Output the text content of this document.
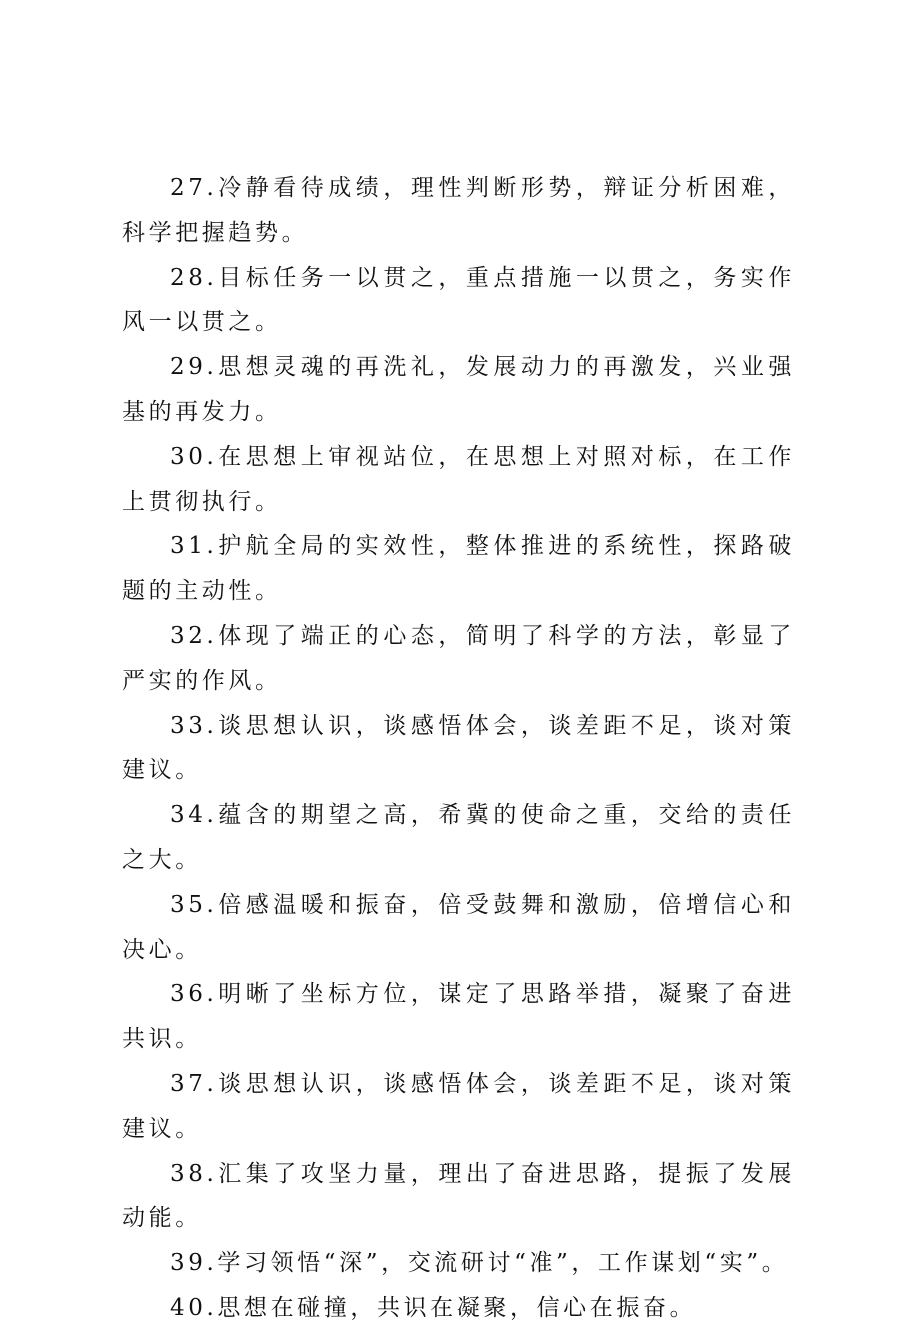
27.冷静看待成绩，理性判断形势，辩证分析困难，科学把握趋势。

28.目标任务一以贯之，重点措施一以贯之，务实作风一以贯之。

29.思想灵魂的再洗礼，发展动力的再激发，兴业强基的再发力。

30.在思想上审视站位，在思想上对照对标，在工作上贯彻执行。

31.护航全局的实效性，整体推进的系统性，探路破题的主动性。

32.体现了端正的心态，简明了科学的方法，彰显了严实的作风。

33.谈思想认识，谈感悟体会，谈差距不足，谈对策建议。

34.蕴含的期望之高，希冀的使命之重，交给的责任之大。

35.倍感温暖和振奋，倍受鼓舞和激励，倍增信心和决心。

36.明晰了坐标方位，谋定了思路举措，凝聚了奋进共识。

37.谈思想认识，谈感悟体会，谈差距不足，谈对策建议。

38.汇集了攻坚力量，理出了奋进思路，提振了发展动能。

39.学习领悟“深”，交流研讨“准”，工作谋划“实”。

40.思想在碰撞，共识在凝聚，信心在振奋。
